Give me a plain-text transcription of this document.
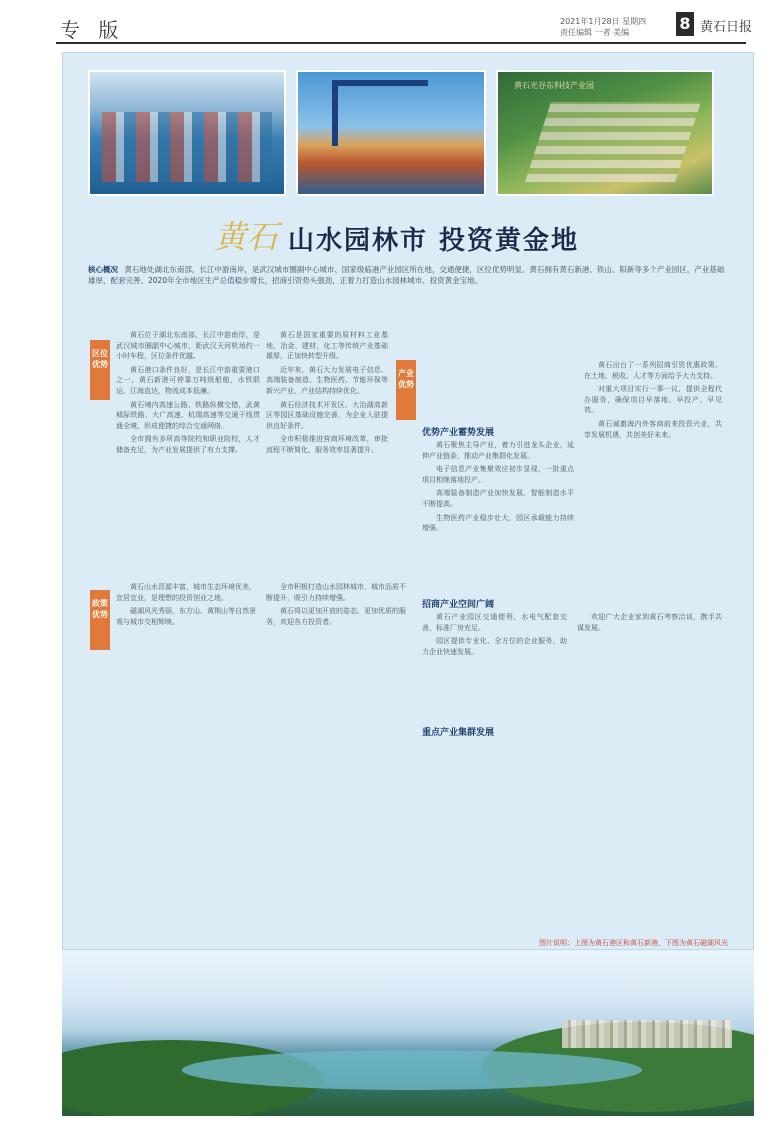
专 版	2021年1月28日 星期四
责任编辑 一者 美编	8 黄石日报
黄石光谷东科技产业园
黄石 山水园林市 投资黄金地
核心概况 黄石地处湖北东南部，长江中游南岸，是武汉城市圈副中心城市、国家级临港产业园区所在地，交通便捷，区位优势明显。黄石拥有黄石新港、铁山、阳新等多个产业园区，产业基础雄厚，配套完善。2020年全市地区生产总值稳步增长，招商引资势头强劲，正着力打造山水园林城市、投资黄金宝地。
区位优势
产业优势
政策优势
优势产业蓄势发展
招商产业空间广阔
重点产业集群发展

黄石位于湖北东南部，长江中游南岸，是武汉城市圈副中心城市，距武汉天河机场约一小时车程，区位条件优越。

黄石港口条件良好，是长江中游重要港口之一，黄石新港可停靠万吨级船舶，水铁联运、江海直达，物流成本低廉。

黄石境内高速公路、铁路纵横交错，武黄城际铁路、大广高速、杭瑞高速等交通干线贯通全境，形成便捷的综合交通网络。

全市拥有多所高等院校和职业院校，人才储备充足，为产业发展提供了有力支撑。

黄石是国家重要的原材料工业基地，冶金、建材、化工等传统产业基础雄厚，正加快转型升级。

近年来，黄石大力发展电子信息、高端装备制造、生物医药、节能环保等新兴产业，产业结构持续优化。

黄石经济技术开发区、大冶湖高新区等园区基础设施完善，为企业入驻提供良好条件。

全市积极推进营商环境改革，审批流程不断简化，服务效率显著提升。

黄石聚焦主导产业，着力引进龙头企业，延伸产业链条，推动产业集群化发展。

电子信息产业集聚效应初步显现，一批重点项目相继落地投产。

高端装备制造产业加快发展，智能制造水平不断提高。

生物医药产业稳步壮大，园区承载能力持续增强。

黄石出台了一系列招商引资优惠政策，在土地、税收、人才等方面给予大力支持。

对重大项目实行一事一议，提供全程代办服务，确保项目早落地、早投产、早见效。

黄石诚邀海内外客商前来投资兴业，共享发展机遇，共创美好未来。

黄石山水资源丰富，城市生态环境优美，宜居宜业，是理想的投资创业之地。

磁湖风光秀丽，东方山、黄荆山等自然景观与城市交相辉映。

全市积极打造山水园林城市，城市品质不断提升，吸引力持续增强。

黄石将以更加开放的姿态、更加优质的服务，欢迎各方投资者。

黄石产业园区交通便利，水电气配套完善，标准厂房充足。

园区提供专业化、全方位的企业服务，助力企业快速发展。

欢迎广大企业家到黄石考察洽谈，携手共谋发展。

图片说明：上图为黄石港区和黄石新港，下图为黄石磁湖风光
